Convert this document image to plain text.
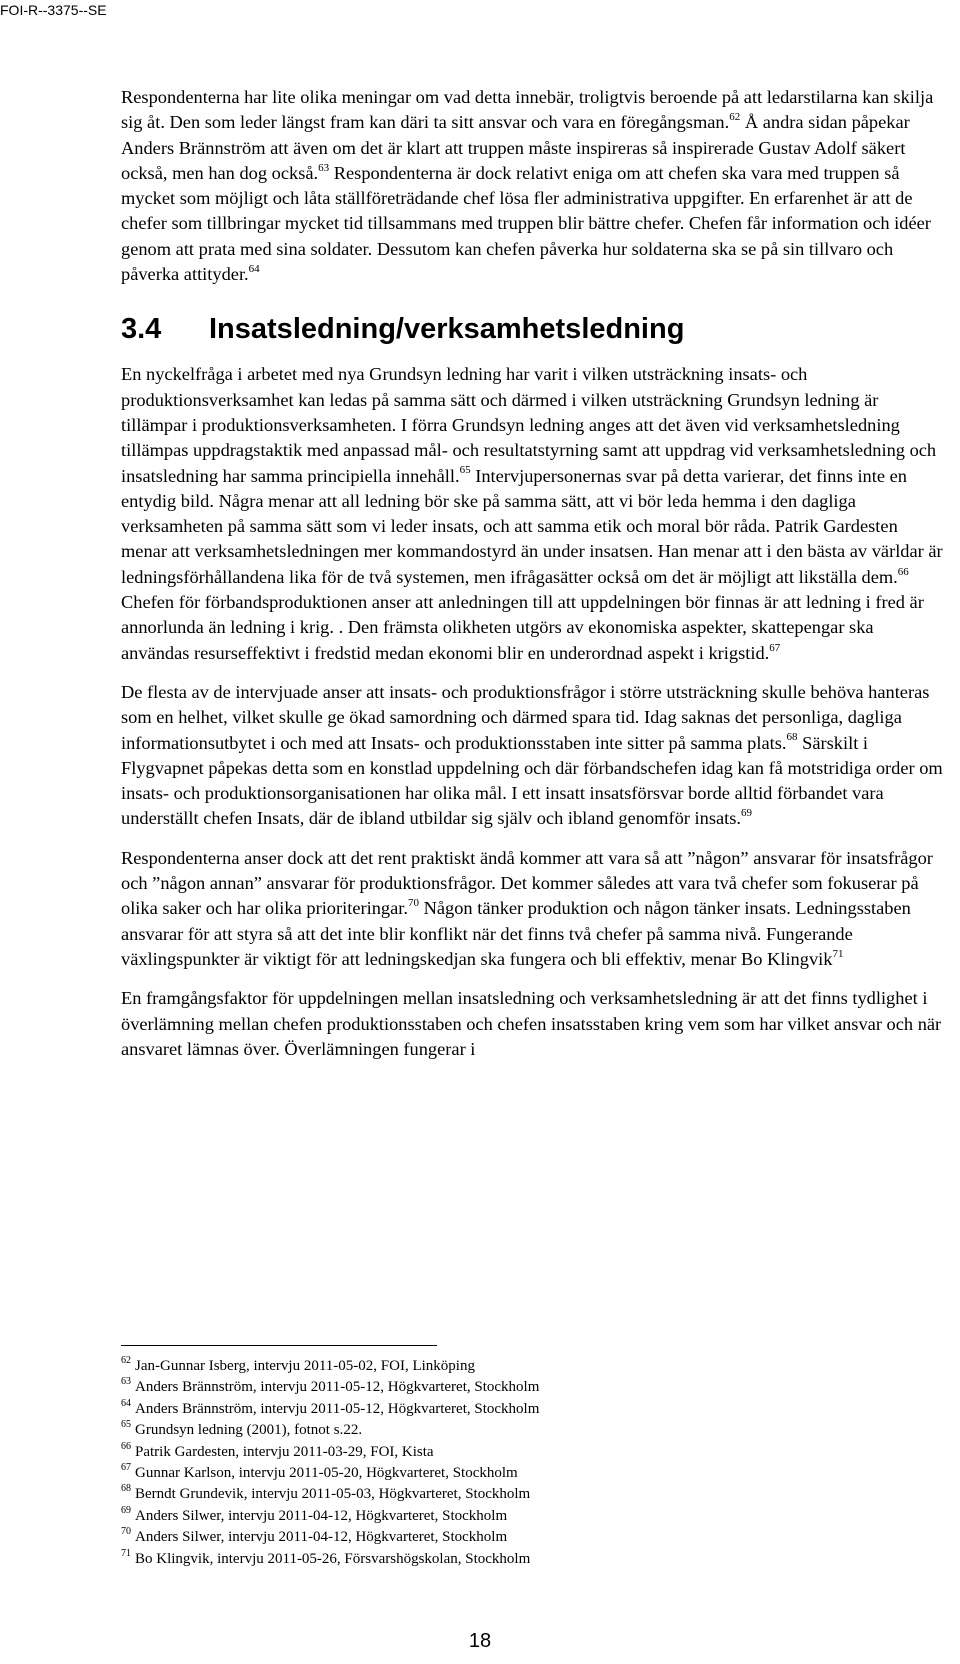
FOI-R--3375--SE

Respondenterna har lite olika meningar om vad detta innebär, troligtvis beroende på att ledarstilarna kan skilja sig åt. Den som leder längst fram kan däri ta sitt ansvar och vara en föregångsman.$^{62}$ Å andra sidan påpekar Anders Brännström att även om det är klart att truppen måste inspireras så inspirerade Gustav Adolf säkert också, men han dog också.$^{63}$ Respondenterna är dock relativt eniga om att chefen ska vara med truppen så mycket som möjligt och låta ställföreträdande chef lösa fler administrativa uppgifter. En erfarenhet är att de chefer som tillbringar mycket tid tillsammans med truppen blir bättre chefer. Chefen får information och idéer genom att prata med sina soldater. Dessutom kan chefen påverka hur soldaterna ska se på sin tillvaro och påverka attityder.$^{64}$

3.4 Insatsledning/verksamhetsledning

En nyckelfråga i arbetet med nya Grundsyn ledning har varit i vilken utsträckning insats- och produktionsverksamhet kan ledas på samma sätt och därmed i vilken utsträckning Grundsyn ledning är tillämpar i produktionsverksamheten. I förra Grundsyn ledning anges att det även vid verksamhetsledning tillämpas uppdragstaktik med anpassad mål- och resultatstyrning samt att uppdrag vid verksamhetsledning och insatsledning har samma principiella innehåll.$^{65}$ Intervjupersonernas svar på detta varierar, det finns inte en entydig bild. Några menar att all ledning bör ske på samma sätt, att vi bör leda hemma i den dagliga verksamheten på samma sätt som vi leder insats, och att samma etik och moral bör råda. Patrik Gardesten menar att verksamhetsledningen mer kommandostyrd än under insatsen. Han menar att i den bästa av världar är ledningsförhållandena lika för de två systemen, men ifrågasätter också om det är möjligt att likställa dem.$^{66}$ Chefen för förbandsproduktionen anser att anledningen till att uppdelningen bör finnas är att ledning i fred är annorlunda än ledning i krig. . Den främsta olikheten utgörs av ekonomiska aspekter, skattepengar ska användas resurseffektivt i fredstid medan ekonomi blir en underordnad aspekt i krigstid.$^{67}$

De flesta av de intervjuade anser att insats- och produktionsfrågor i större utsträckning skulle behöva hanteras som en helhet, vilket skulle ge ökad samordning och därmed spara tid. Idag saknas det personliga, dagliga informationsutbytet i och med att Insats- och produktionsstaben inte sitter på samma plats.$^{68}$ Särskilt i Flygvapnet påpekas detta som en konstlad uppdelning och där förbandschefen idag kan få motstridiga order om insats- och produktionsorganisationen har olika mål. I ett insatt insatsförsvar borde alltid förbandet vara underställt chefen Insats, där de ibland utbildar sig själv och ibland genomför insats.$^{69}$

Respondenterna anser dock att det rent praktiskt ändå kommer att vara så att ”någon” ansvarar för insatsfrågor och ”någon annan” ansvarar för produktionsfrågor. Det kommer således att vara två chefer som fokuserar på olika saker och har olika prioriteringar.$^{70}$ Någon tänker produktion och någon tänker insats. Ledningsstaben ansvarar för att styra så att det inte blir konflikt när det finns två chefer på samma nivå. Fungerande växlingspunkter är viktigt för att ledningskedjan ska fungera och bli effektiv, menar Bo Klingvik$^{71}$

En framgångsfaktor för uppdelningen mellan insatsledning och verksamhetsledning är att det finns tydlighet i överlämning mellan chefen produktionsstaben och chefen insatsstaben kring vem som har vilket ansvar och när ansvaret lämnas över. Överlämningen fungerar i

$^{62}$ Jan-Gunnar Isberg, intervju 2011-05-02, FOI, Linköping
$^{63}$ Anders Brännström, intervju 2011-05-12, Högkvarteret, Stockholm
$^{64}$ Anders Brännström, intervju 2011-05-12, Högkvarteret, Stockholm
$^{65}$ Grundsyn ledning (2001), fotnot s.22.
$^{66}$ Patrik Gardesten, intervju 2011-03-29, FOI, Kista
$^{67}$ Gunnar Karlson, intervju 2011-05-20, Högkvarteret, Stockholm
$^{68}$ Berndt Grundevik, intervju 2011-05-03, Högkvarteret, Stockholm
$^{69}$ Anders Silwer, intervju 2011-04-12, Högkvarteret, Stockholm
$^{70}$ Anders Silwer, intervju 2011-04-12, Högkvarteret, Stockholm
$^{71}$ Bo Klingvik, intervju 2011-05-26, Försvarshögskolan, Stockholm
18
